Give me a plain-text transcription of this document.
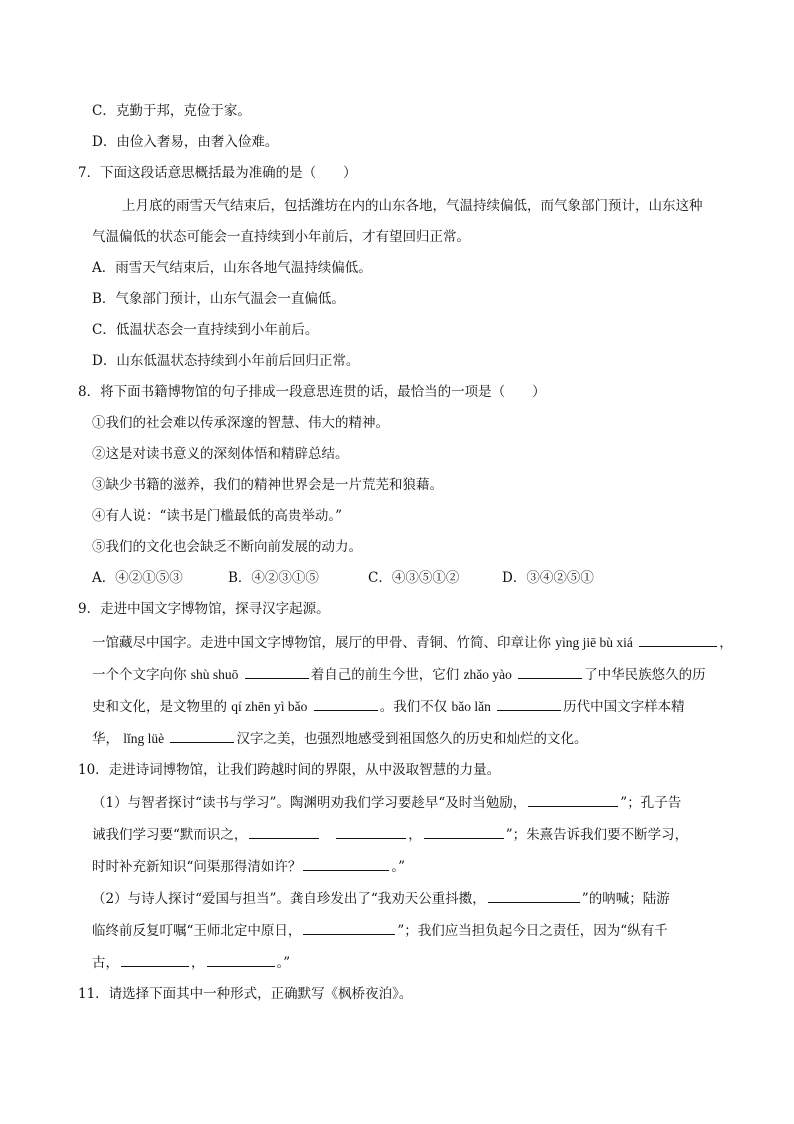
C．克勤于邦，克俭于家。
D．由俭入奢易，由奢入俭难。
7．下面这段话意思概括最为准确的是（　　）
上月底的雨雪天气结束后，包括潍坊在内的山东各地，气温持续偏低，而气象部门预计，山东这种
气温偏低的状态可能会一直持续到小年前后，才有望回归正常。
A．雨雪天气结束后，山东各地气温持续偏低。
B．气象部门预计，山东气温会一直偏低。
C．低温状态会一直持续到小年前后。
D．山东低温状态持续到小年前后回归正常。
8．将下面书籍博物馆的句子排成一段意思连贯的话，最恰当的一项是（　　）
①我们的社会难以传承深邃的智慧、伟大的精神。
②这是对读书意义的深刻体悟和精辟总结。
③缺少书籍的滋养，我们的精神世界会是一片荒芜和狼藉。
④有人说：“读书是门槛最低的高贵举动。”
⑤我们的文化也会缺乏不断向前发展的动力。
A．④②①⑤③	B．④②③①⑤	C．④③⑤①②	D．③④②⑤①
9．走进中国文字博物馆，探寻汉字起源。
一馆藏尽中国字。走进中国文字博物馆，展厅的甲骨、青铜、竹简、印章让你 yìng jiē bù xiá	，
一个个文字向你 shù shuō	着自己的前生今世，它们 zhǎo yào	了中华民族悠久的历
史和文化，是文物里的 qí zhēn yì bǎo	。我们不仅 bǎo lǎn	历代中国文字样本精
华， lǐng lüè	汉字之美，也强烈地感受到祖国悠久的历史和灿烂的文化。
10．走进诗词博物馆，让我们跨越时间的界限，从中汲取智慧的力量。
（1）与智者探讨“读书与学习”。陶渊明劝我们学习要趁早“及时当勉励，	”；孔子告
诫我们学习要“默而识之，	，	”；朱熹告诉我们要不断学习，
时时补充新知识“问渠那得清如许？	。”
（2）与诗人探讨“爱国与担当”。龚自珍发出了“我劝天公重抖擞，	”的呐喊；陆游
临终前反复叮嘱“王师北定中原日，	”；我们应当担负起今日之责任，因为“纵有千
古，	，	。”
11．请选择下面其中一种形式，正确默写《枫桥夜泊》。
